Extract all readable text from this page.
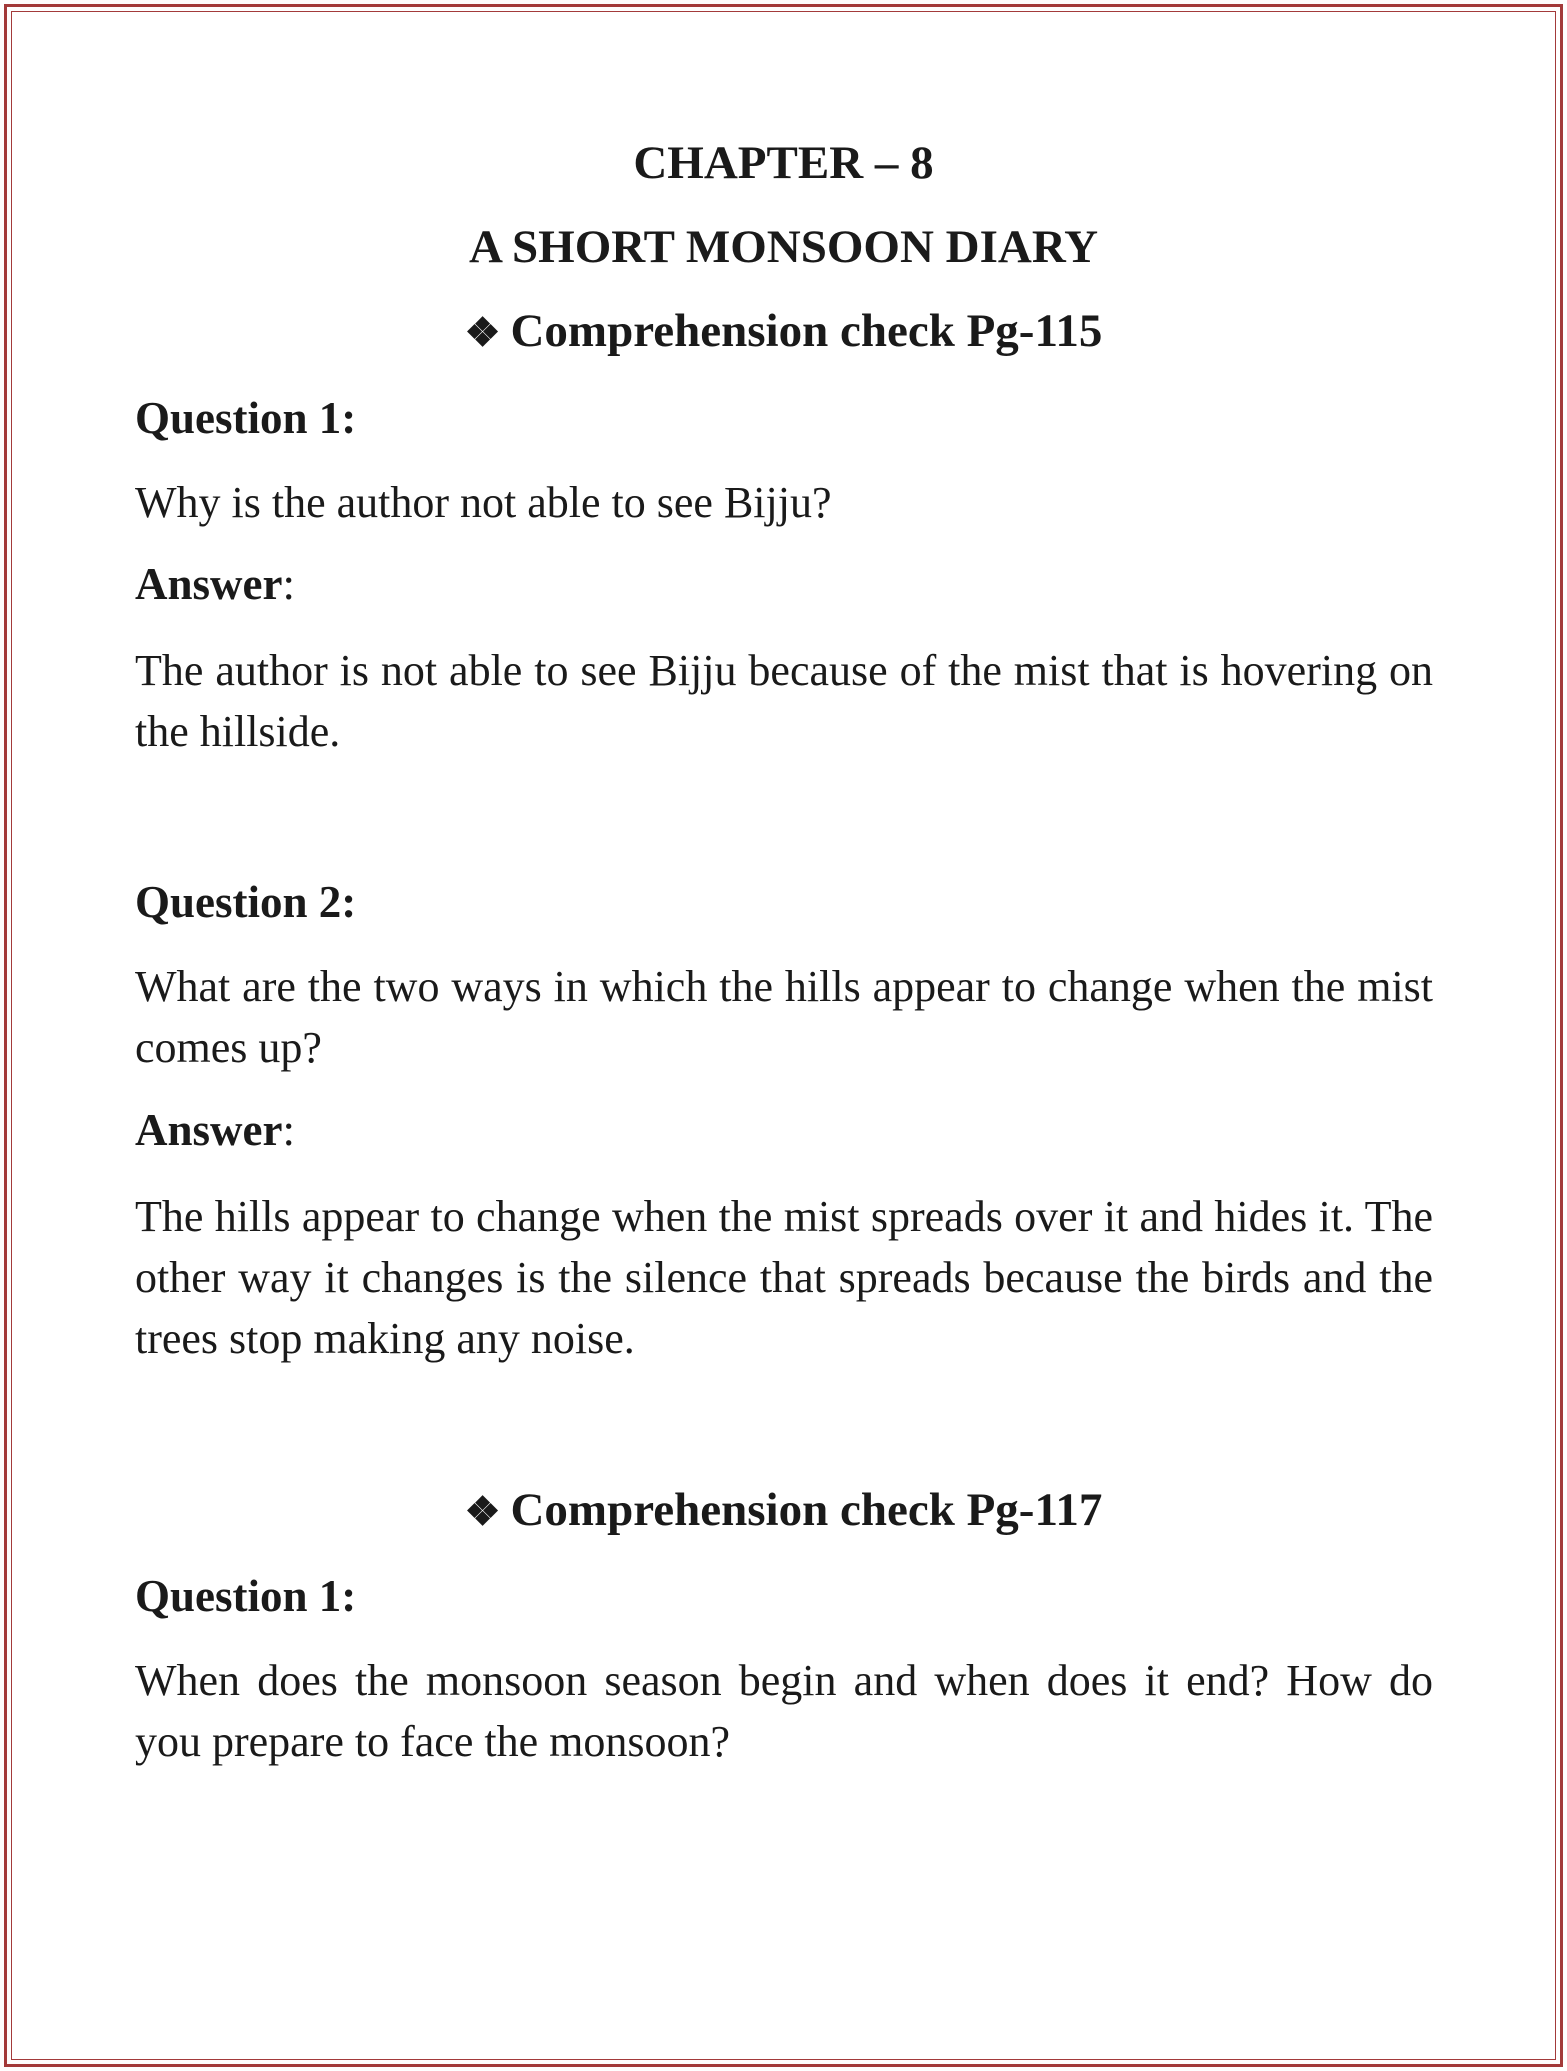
CHAPTER – 8
A SHORT MONSOON DIARY
❖ Comprehension check Pg-115
Question 1:
Why is the author not able to see Bijju?
Answer:
The author is not able to see Bijju because of the mist that is hovering on the hillside.
Question 2:
What are the two ways in which the hills appear to change when the mist comes up?
Answer:
The hills appear to change when the mist spreads over it and hides it. The other way it changes is the silence that spreads because the birds and the trees stop making any noise.
❖ Comprehension check Pg-117
Question 1:
When does the monsoon season begin and when does it end? How do you prepare to face the monsoon?
